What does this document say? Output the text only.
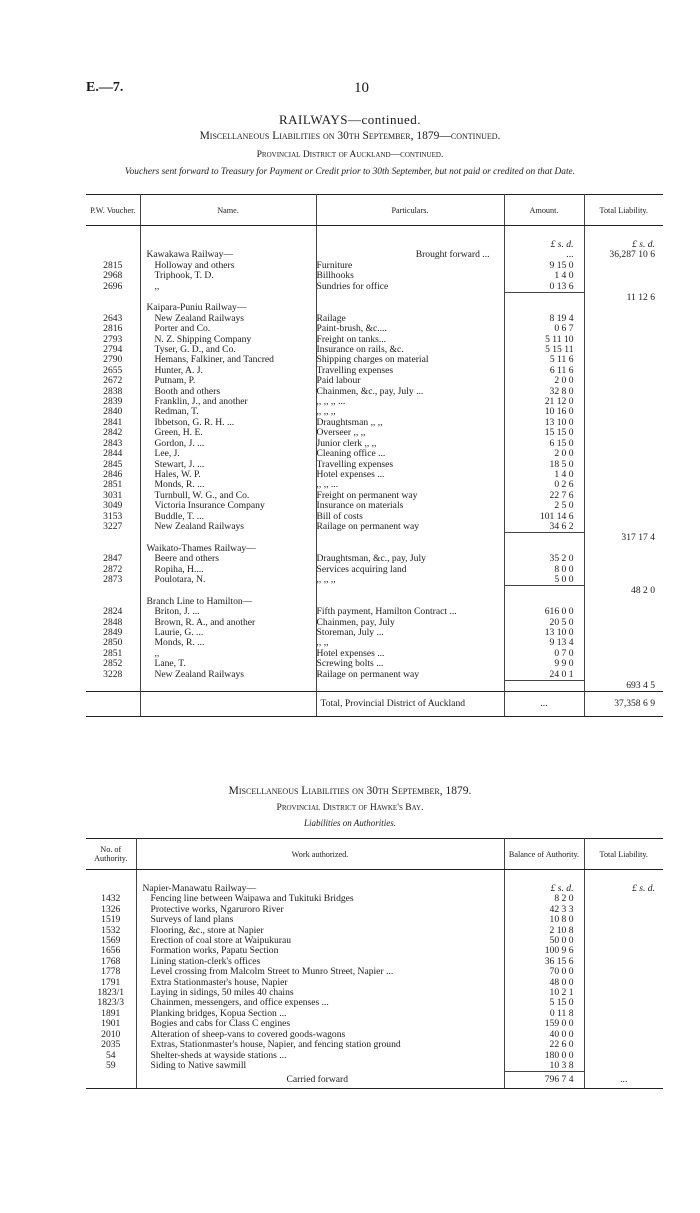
E.—7.	10
RAILWAYS—continued.
Miscellaneous Liabilities on 30th September, 1879—continued.
Provincial District of Auckland—continued.
Vouchers sent forward to Treasury for Payment or Credit prior to 30th September, but not paid or credited on that Date.
P.W. Voucher.	Name.	Particulars.	Amount.	Total Liability.

			£ s. d.	£ s. d.
	Kawakawa Railway—	Brought forward ...	...	36,287 10 6
2815	Holloway and others	Furniture	9 15 0	
2968	Triphook, T. D.	Billhooks	1 4 0	
2696	,,	Sundries for office	0 13 6	
				11 12 6
	Kaipara-Puniu Railway—			
2643	New Zealand Railways	Railage	8 19 4	
2816	Porter and Co.	Paint-brush, &c....	0 6 7	
2793	N. Z. Shipping Company	Freight on tanks...	5 11 10	
2794	Tyser, G. D., and Co.	Insurance on rails, &c.	5 15 11	
2790	Hemans, Falkiner, and Tancred	Shipping charges on material	5 11 6	
2655	Hunter, A. J.	Travelling expenses	6 11 6	
2672	Putnam, P.	Paid labour	2 0 0	
2838	Booth and others	Chainmen, &c., pay, July ...	32 8 0	
2839	Franklin, J., and another	,, ,, ,, ...	21 12 0	
2840	Redman, T.	,, ,, ,,	10 16 0	
2841	Ibbetson, G. R. H. ...	Draughtsman ,, ,,	13 10 0	
2842	Green, H. E.	Overseer ,, ,,	15 15 0	
2843	Gordon, J. ...	Junior clerk ,, ,,	6 15 0	
2844	Lee, J.	Cleaning office ...	2 0 0	
2845	Stewart, J. ...	Travelling expenses	18 5 0	
2846	Hales, W. P.	Hotel expenses ...	1 4 0	
2851	Monds, R. ...	,, ,, ...	0 2 6	
3031	Turnbull, W. G., and Co.	Freight on permanent way	22 7 6	
3049	Victoria Insurance Company	Insurance on materials	2 5 0	
3153	Buddle, T. ...	Bill of costs	101 14 6	
3227	New Zealand Railways	Railage on permanent way	34 6 2	
				317 17 4
	Waikato-Thames Railway—			
2847	Beere and others	Draughtsman, &c., pay, July	35 2 0	
2872	Ropiha, H....	Services acquiring land	8 0 0	
2873	Poulotara, N.	,, ,, ,,	5 0 0	
				48 2 0
	Branch Line to Hamilton—			
2824	Briton, J. ...	Fifth payment, Hamilton Contract ...	616 0 0	
2848	Brown, R. A., and another	Chainmen, pay, July	20 5 0	
2849	Laurie, G. ...	Storeman, July ...	13 10 0	
2850	Monds, R. ...	,, ,,	9 13 4	
2851	,,	Hotel expenses ...	0 7 0	
2852	Lane, T.	Screwing bolts ...	9 9 0	
3228	New Zealand Railways	Railage on permanent way	24 0 1	
				693 4 5
		Total, Provincial District of Auckland	...	37,358 6 9
Miscellaneous Liabilities on 30th September, 1879.
Provincial District of Hawke's Bay.
Liabilities on Authorities.
No. of Authority.	Work authorized.	Balance of Authority.	Total Liability.

	Napier-Manawatu Railway—	£ s. d.	£ s. d.
1432	Fencing line between Waipawa and Tukituki Bridges	8 2 0	
1326	Protective works, Ngaruroro River	42 3 3	
1519	Surveys of land plans	10 8 0	
1532	Flooring, &c., store at Napier	2 10 8	
1569	Erection of coal store at Waipukurau	50 0 0	
1656	Formation works, Papatu Section	100 9 6	
1768	Lining station-clerk's offices	36 15 6	
1778	Level crossing from Malcolm Street to Munro Street, Napier ...	70 0 0	
1791	Extra Stationmaster's house, Napier	48 0 0	
1823/1	Laying in sidings, 50 miles 40 chains	10 2 1	
1823/3	Chainmen, messengers, and office expenses ...	5 15 0	
1891	Planking bridges, Kopua Section ...	0 11 8	
1901	Bogies and cabs for Class C engines	159 0 0	
2010	Alteration of sheep-vans to covered goods-wagons	40 0 0	
2035	Extras, Stationmaster's house, Napier, and fencing station ground	22 6 0	
54	Shelter-sheds at wayside stations ...	180 0 0	
59	Siding to Native sawmill	10 3 8	
	Carried forward	796 7 4	...
